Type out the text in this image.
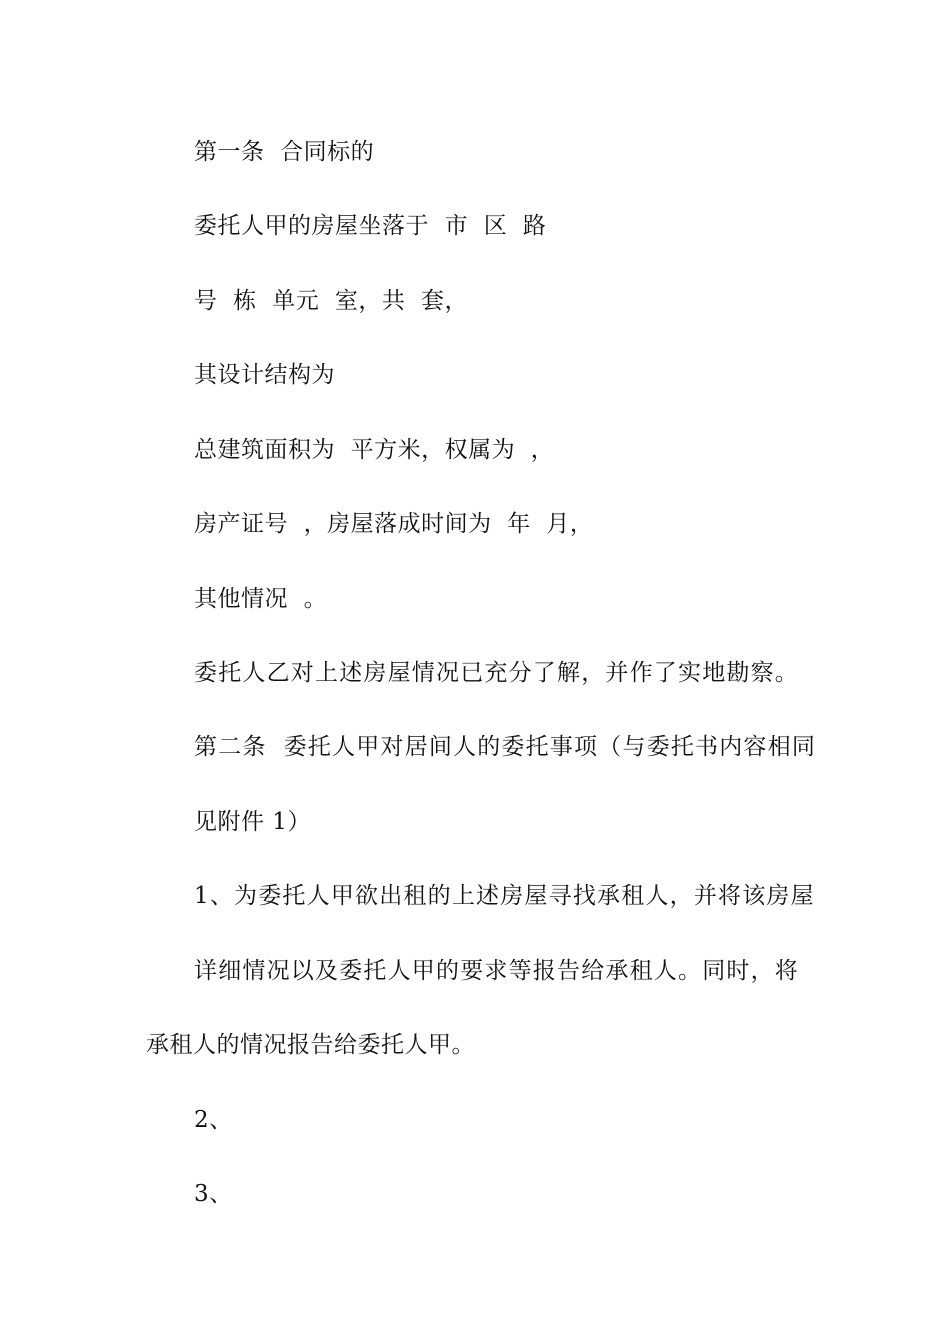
第一条  合同标的
委托人甲的房屋坐落于  市  区  路
号  栋  单元  室，共  套，
其设计结构为
总建筑面积为  平方米，权属为  ，
房产证号  ，房屋落成时间为  年  月，
其他情况  。
委托人乙对上述房屋情况已充分了解，并作了实地勘察。
第二条  委托人甲对居间人的委托事项（与委托书内容相同
见附件 1）
1、为委托人甲欲出租的上述房屋寻找承租人，并将该房屋
详细情况以及委托人甲的要求等报告给承租人。同时，将
承租人的情况报告给委托人甲。
2、
3、
